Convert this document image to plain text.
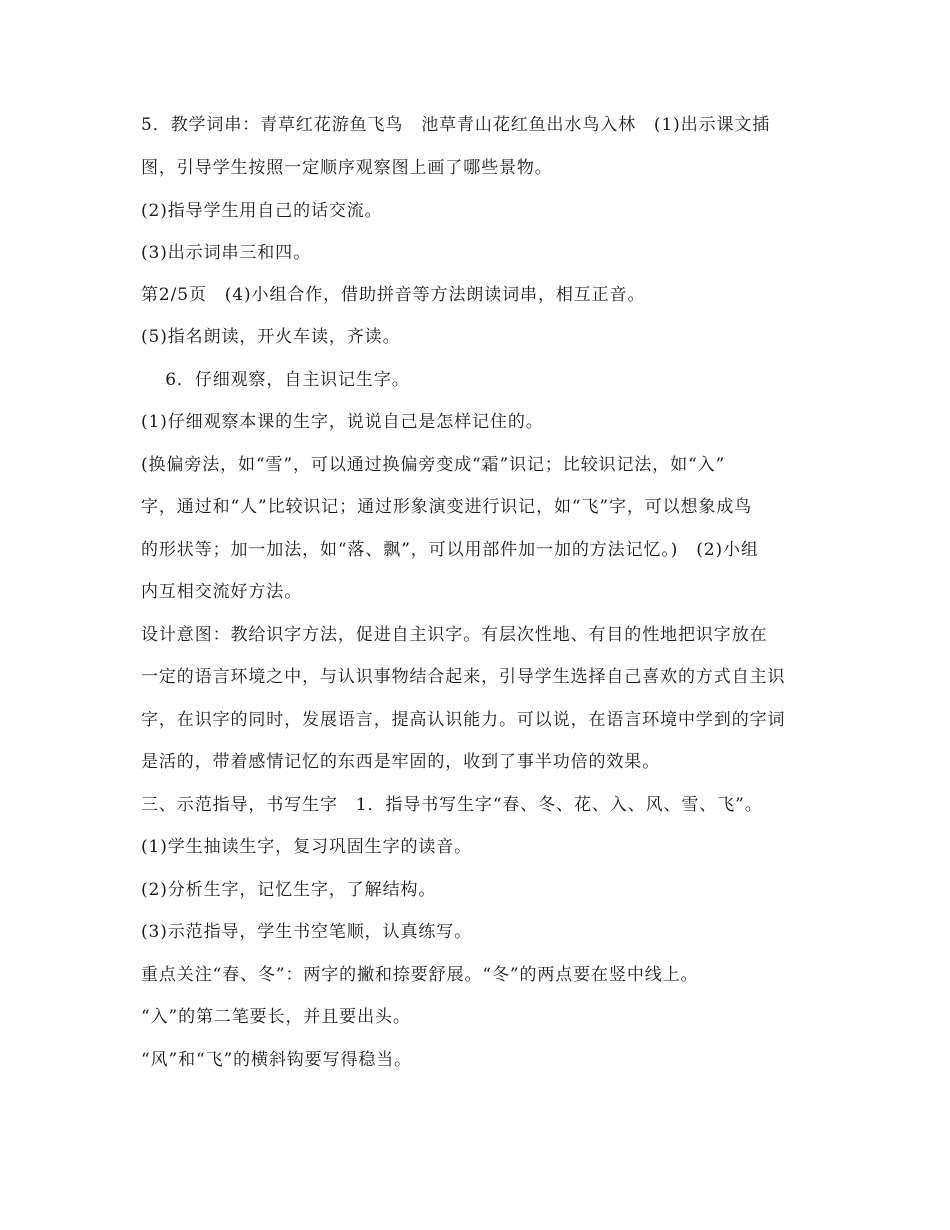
5．教学词串：青草红花游鱼飞鸟　池草青山花红鱼出水鸟入林　(1)出示课文插
图，引导学生按照一定顺序观察图上画了哪些景物。
(2)指导学生用自己的话交流。
(3)出示词串三和四。
第2/5页　(4)小组合作，借助拼音等方法朗读词串，相互正音。
(5)指名朗读，开火车读，齐读。
　 6．仔细观察，自主识记生字。
(1)仔细观察本课的生字，说说自己是怎样记住的。
(换偏旁法，如“雪”，可以通过换偏旁变成“霜”识记；比较识记法，如“入”
字，通过和“人”比较识记；通过形象演变进行识记，如“飞”字，可以想象成鸟
的形状等；加一加法，如“落、飘”，可以用部件加一加的方法记忆。)　(2)小组
内互相交流好方法。
设计意图：教给识字方法，促进自主识字。有层次性地、有目的性地把识字放在
一定的语言环境之中，与认识事物结合起来，引导学生选择自己喜欢的方式自主识
字，在识字的同时，发展语言，提高认识能力。可以说，在语言环境中学到的字词
是活的，带着感情记忆的东西是牢固的，收到了事半功倍的效果。
三、示范指导，书写生字　1．指导书写生字“春、冬、花、入、风、雪、飞”。
(1)学生抽读生字，复习巩固生字的读音。
(2)分析生字，记忆生字，了解结构。
(3)示范指导，学生书空笔顺，认真练写。
重点关注“春、冬”：两字的撇和捺要舒展。“冬”的两点要在竖中线上。
“入”的第二笔要长，并且要出头。
“风”和“飞”的横斜钩要写得稳当。
